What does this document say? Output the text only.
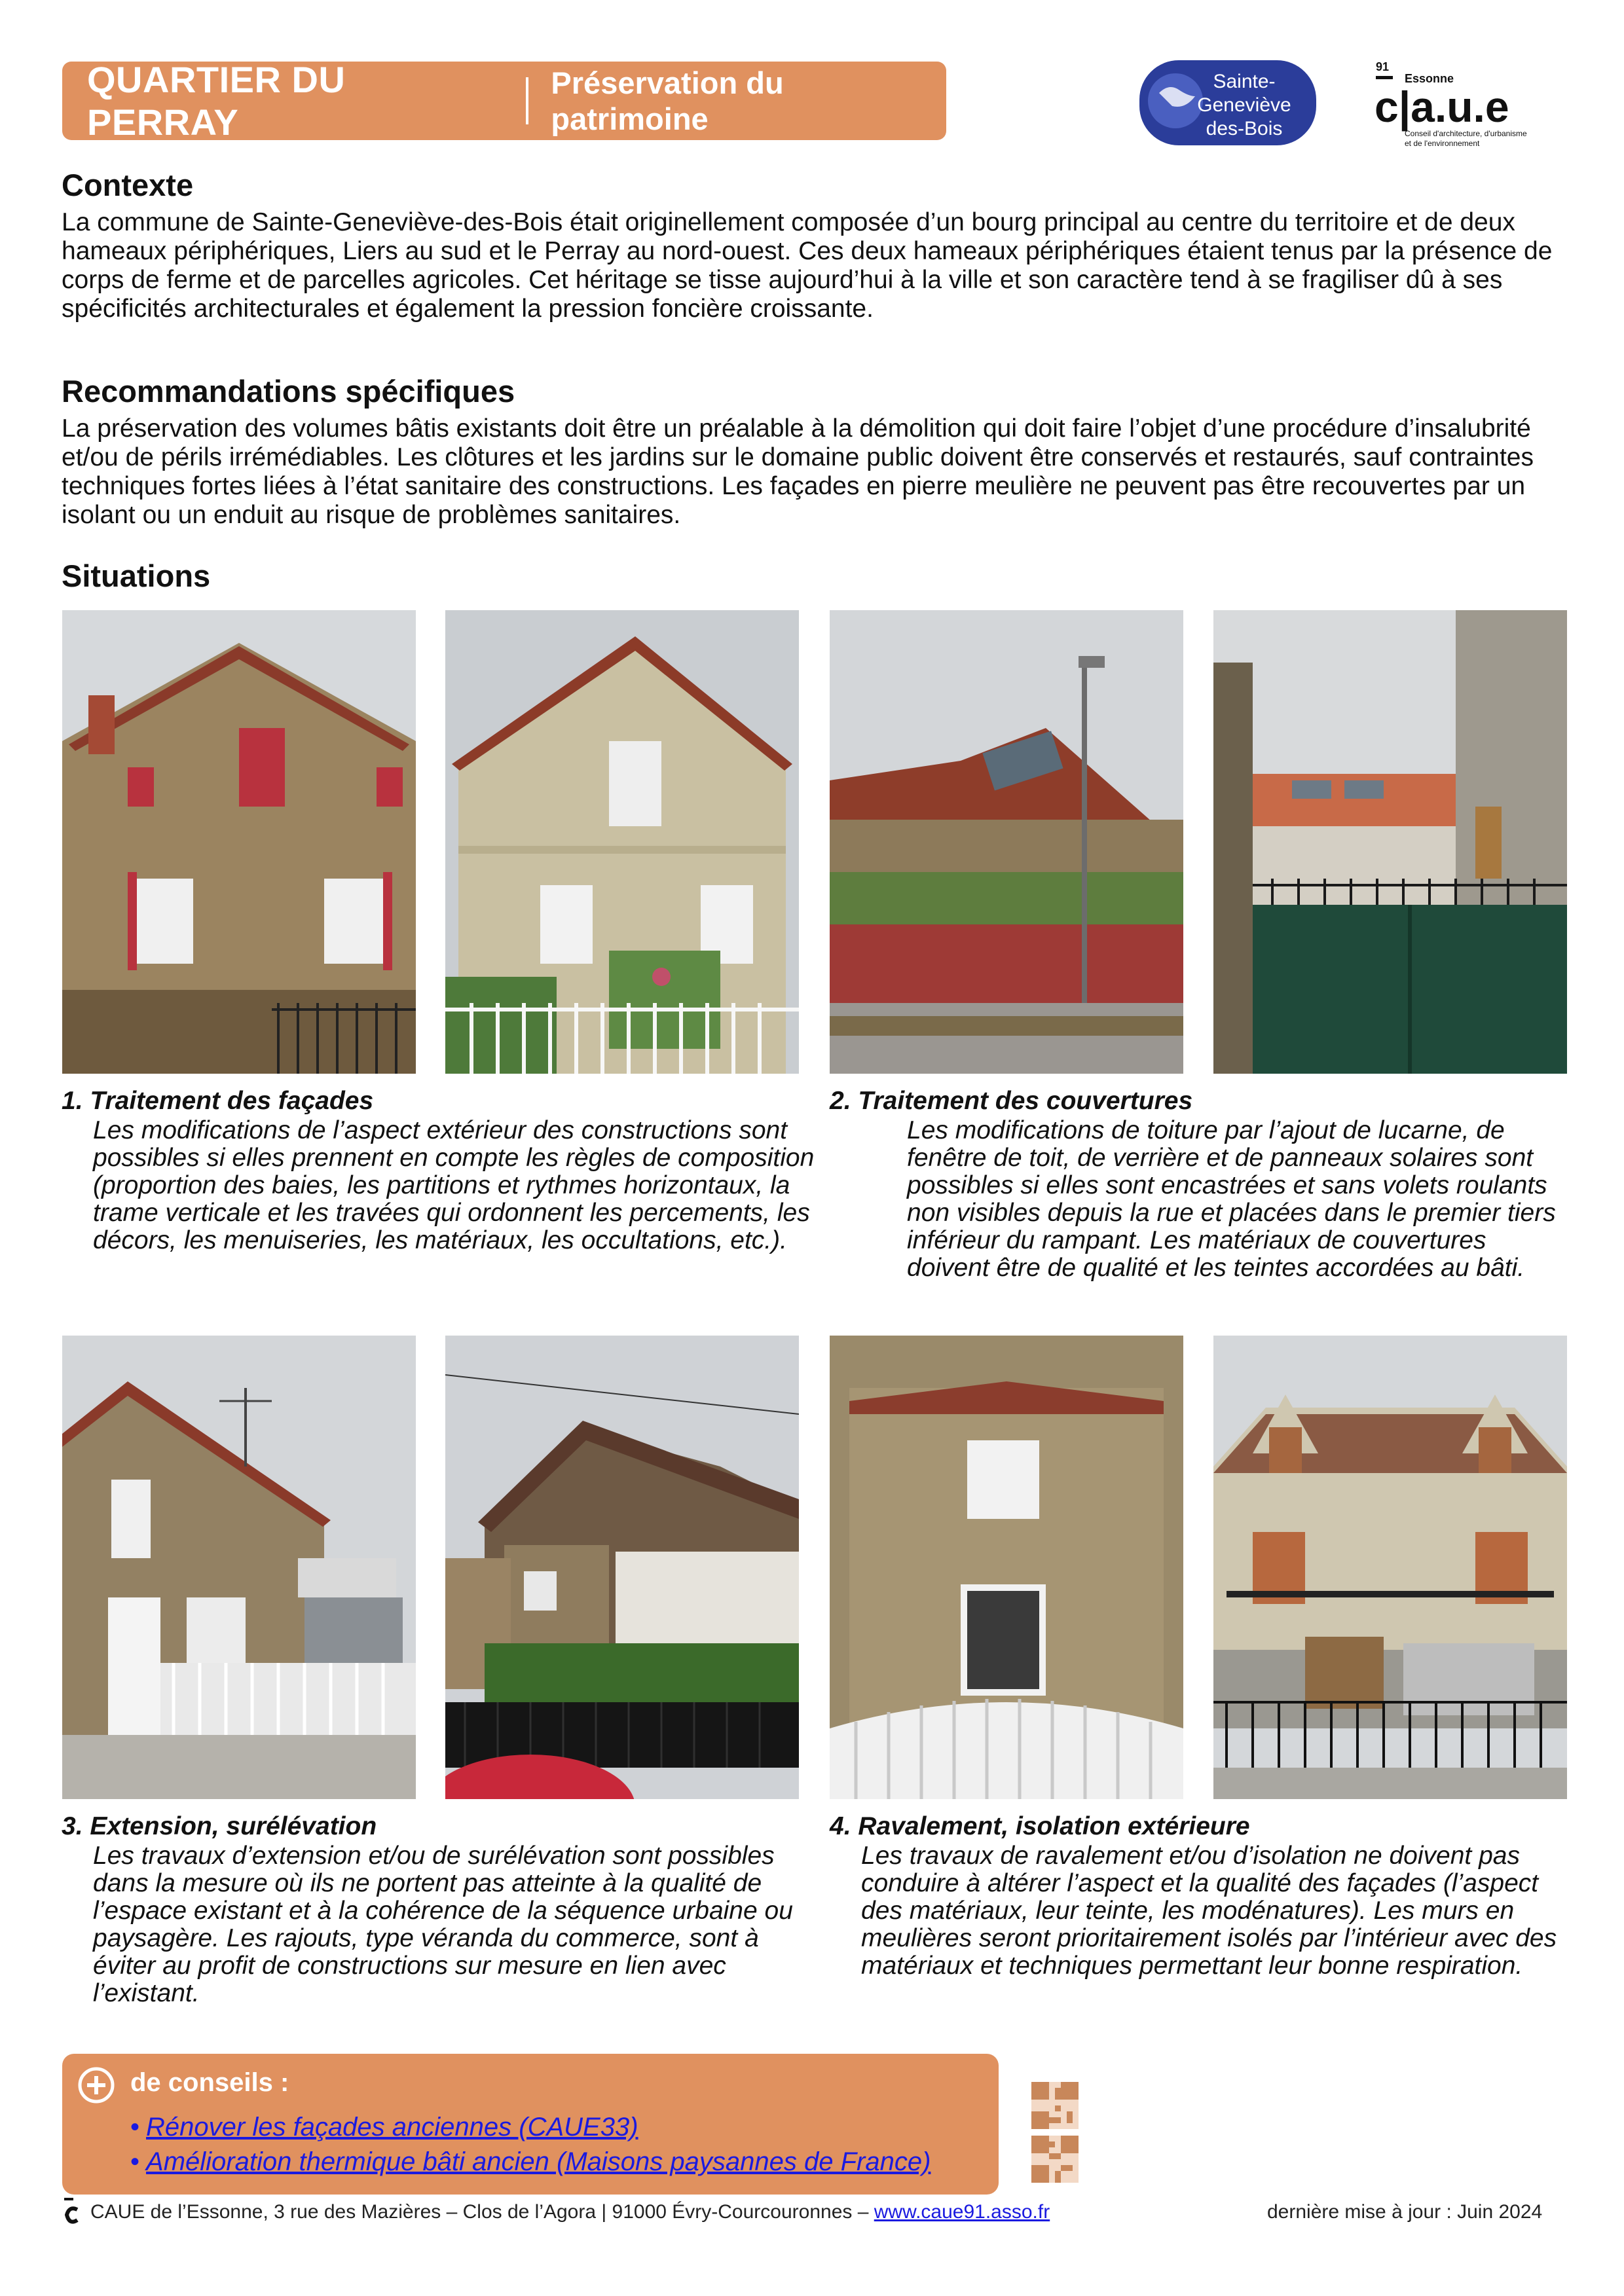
QUARTIER DU PERRAY
Préservation du patrimoine
Sainte-
Geneviève
des-Bois
91
Essonne
c|a.u.e
Conseil d'architecture, d'urbanisme
et de l'environnement
Contexte
La commune de Sainte-Geneviève-des-Bois était originellement composée d’un bourg principal au centre du territoire et de deux hameaux périphériques, Liers au sud et le Perray au nord-ouest. Ces deux hameaux périphériques étaient tenus par la présence de corps de ferme et de parcelles agricoles. Cet héritage se tisse aujourd’hui à la ville et son caractère tend à se fragiliser dû à ses spécificités architecturales et également la pression foncière croissante.
Recommandations spécifiques
La préservation des volumes bâtis existants doit être un préalable à la démolition qui doit faire l’objet d’une procédure d’insalubrité et/ou de périls irrémédiables. Les clôtures et les jardins sur le domaine public doivent être conservés et restaurés, sauf contraintes techniques fortes liées à l’état sanitaire des constructions. Les façades en pierre meulière ne peuvent pas être recouvertes par un isolant ou un enduit au risque de problèmes sanitaires.
Situations
1. Traitement des façades
Les modifications de l’aspect extérieur des constructions sont possibles si elles prennent en compte les règles de composition (proportion des baies, les partitions et rythmes horizontaux, la trame verticale et les travées qui ordonnent les percements, les décors, les menuiseries, les matériaux, les occultations, etc.).
2. Traitement des couvertures
Les modifications de toiture par l’ajout de lucarne, de fenêtre de toit, de verrière et de panneaux solaires sont possibles si elles sont encastrées et sans volets roulants non visibles depuis la rue et placées dans le premier tiers inférieur du rampant. Les matériaux de couvertures doivent être de qualité et les teintes accordées au bâti.
3. Extension, surélévation
Les travaux d’extension et/ou de surélévation sont possibles dans la mesure où ils ne portent pas atteinte à la qualité de l’espace existant et à la cohérence de la séquence urbaine ou paysagère. Les rajouts, type véranda du commerce, sont à éviter au profit de constructions sur mesure en lien avec l’existant.
4. Ravalement, isolation extérieure
Les travaux de ravalement et/ou d’isolation ne doivent pas conduire à altérer l’aspect et la qualité des façades (l’aspect des matériaux, leur teinte, les modénatures). Les murs en meulières seront prioritairement isolés par l’intérieur avec des matériaux et techniques permettant leur bonne respiration.
de conseils :
• Rénover les façades anciennes (CAUE33)
• Amélioration thermique bâti ancien (Maisons paysannes de France)
CAUE de l’Essonne, 3 rue des Mazières – Clos de l’Agora | 91000 Évry-Courcouronnes – www.caue91.asso.fr	dernière mise à jour : Juin 2024
